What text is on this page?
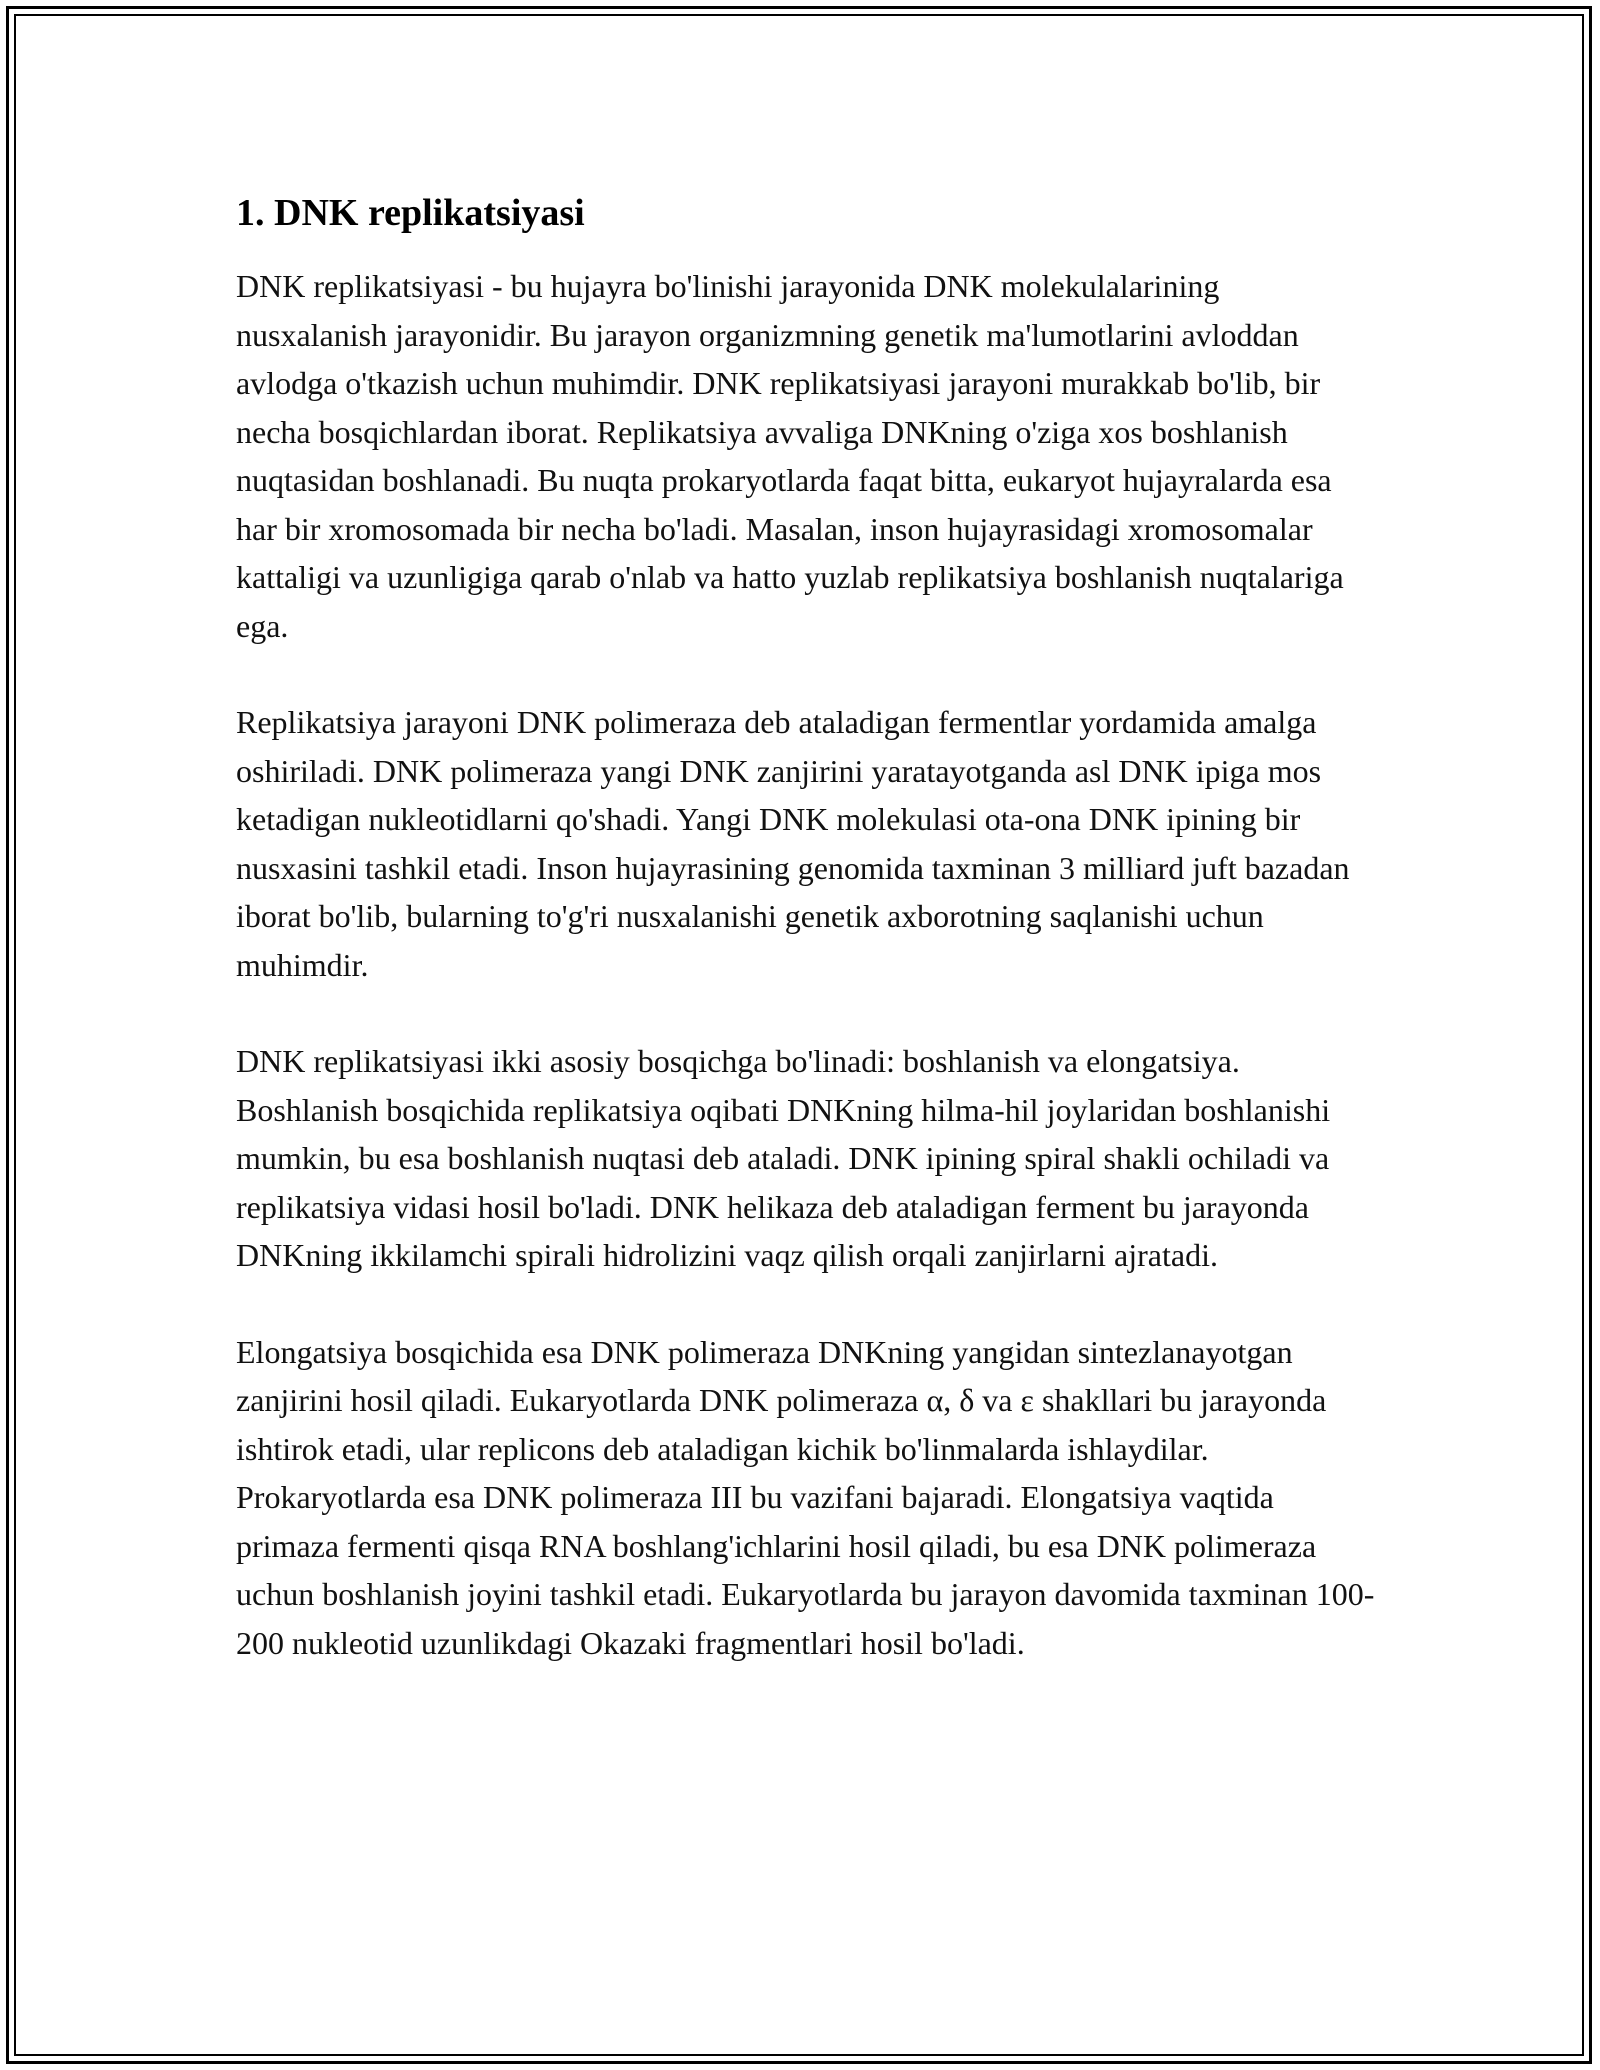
1. DNK replikatsiyasi

DNK replikatsiyasi - bu hujayra bo'linishi jarayonida DNK molekulalarining nusxalanish jarayonidir. Bu jarayon organizmning genetik ma'lumotlarini avloddan avlodga o'tkazish uchun muhimdir. DNK replikatsiyasi jarayoni murakkab bo'lib, bir necha bosqichlardan iborat. Replikatsiya avvaliga DNKning o'ziga xos boshlanish nuqtasidan boshlanadi. Bu nuqta prokaryotlarda faqat bitta, eukaryot hujayralarda esa har bir xromosomada bir necha bo'ladi. Masalan, inson hujayrasidagi xromosomalar kattaligi va uzunligiga qarab o'nlab va hatto yuzlab replikatsiya boshlanish nuqtalariga ega.

Replikatsiya jarayoni DNK polimeraza deb ataladigan fermentlar yordamida amalga oshiriladi. DNK polimeraza yangi DNK zanjirini yaratayotganda asl DNK ipiga mos ketadigan nukleotidlarni qo'shadi. Yangi DNK molekulasi ota-ona DNK ipining bir nusxasini tashkil etadi. Inson hujayrasining genomida taxminan 3 milliard juft bazadan iborat bo'lib, bularning to'g'ri nusxalanishi genetik axborotning saqlanishi uchun muhimdir.

DNK replikatsiyasi ikki asosiy bosqichga bo'linadi: boshlanish va elongatsiya. Boshlanish bosqichida replikatsiya oqibati DNKning hilma-hil joylaridan boshlanishi mumkin, bu esa boshlanish nuqtasi deb ataladi. DNK ipining spiral shakli ochiladi va replikatsiya vidasi hosil bo'ladi. DNK helikaza deb ataladigan ferment bu jarayonda DNKning ikkilamchi spirali hidrolizini vaqz qilish orqali zanjirlarni ajratadi.

Elongatsiya bosqichida esa DNK polimeraza DNKning yangidan sintezlanayotgan zanjirini hosil qiladi. Eukaryotlarda DNK polimeraza α, δ va ε shakllari bu jarayonda ishtirok etadi, ular replicons deb ataladigan kichik bo'linmalarda ishlaydilar. Prokaryotlarda esa DNK polimeraza III bu vazifani bajaradi. Elongatsiya vaqtida primaza fermenti qisqa RNA boshlang'ichlarini hosil qiladi, bu esa DNK polimeraza uchun boshlanish joyini tashkil etadi. Eukaryotlarda bu jarayon davomida taxminan 100-200 nukleotid uzunlikdagi Okazaki fragmentlari hosil bo'ladi.
